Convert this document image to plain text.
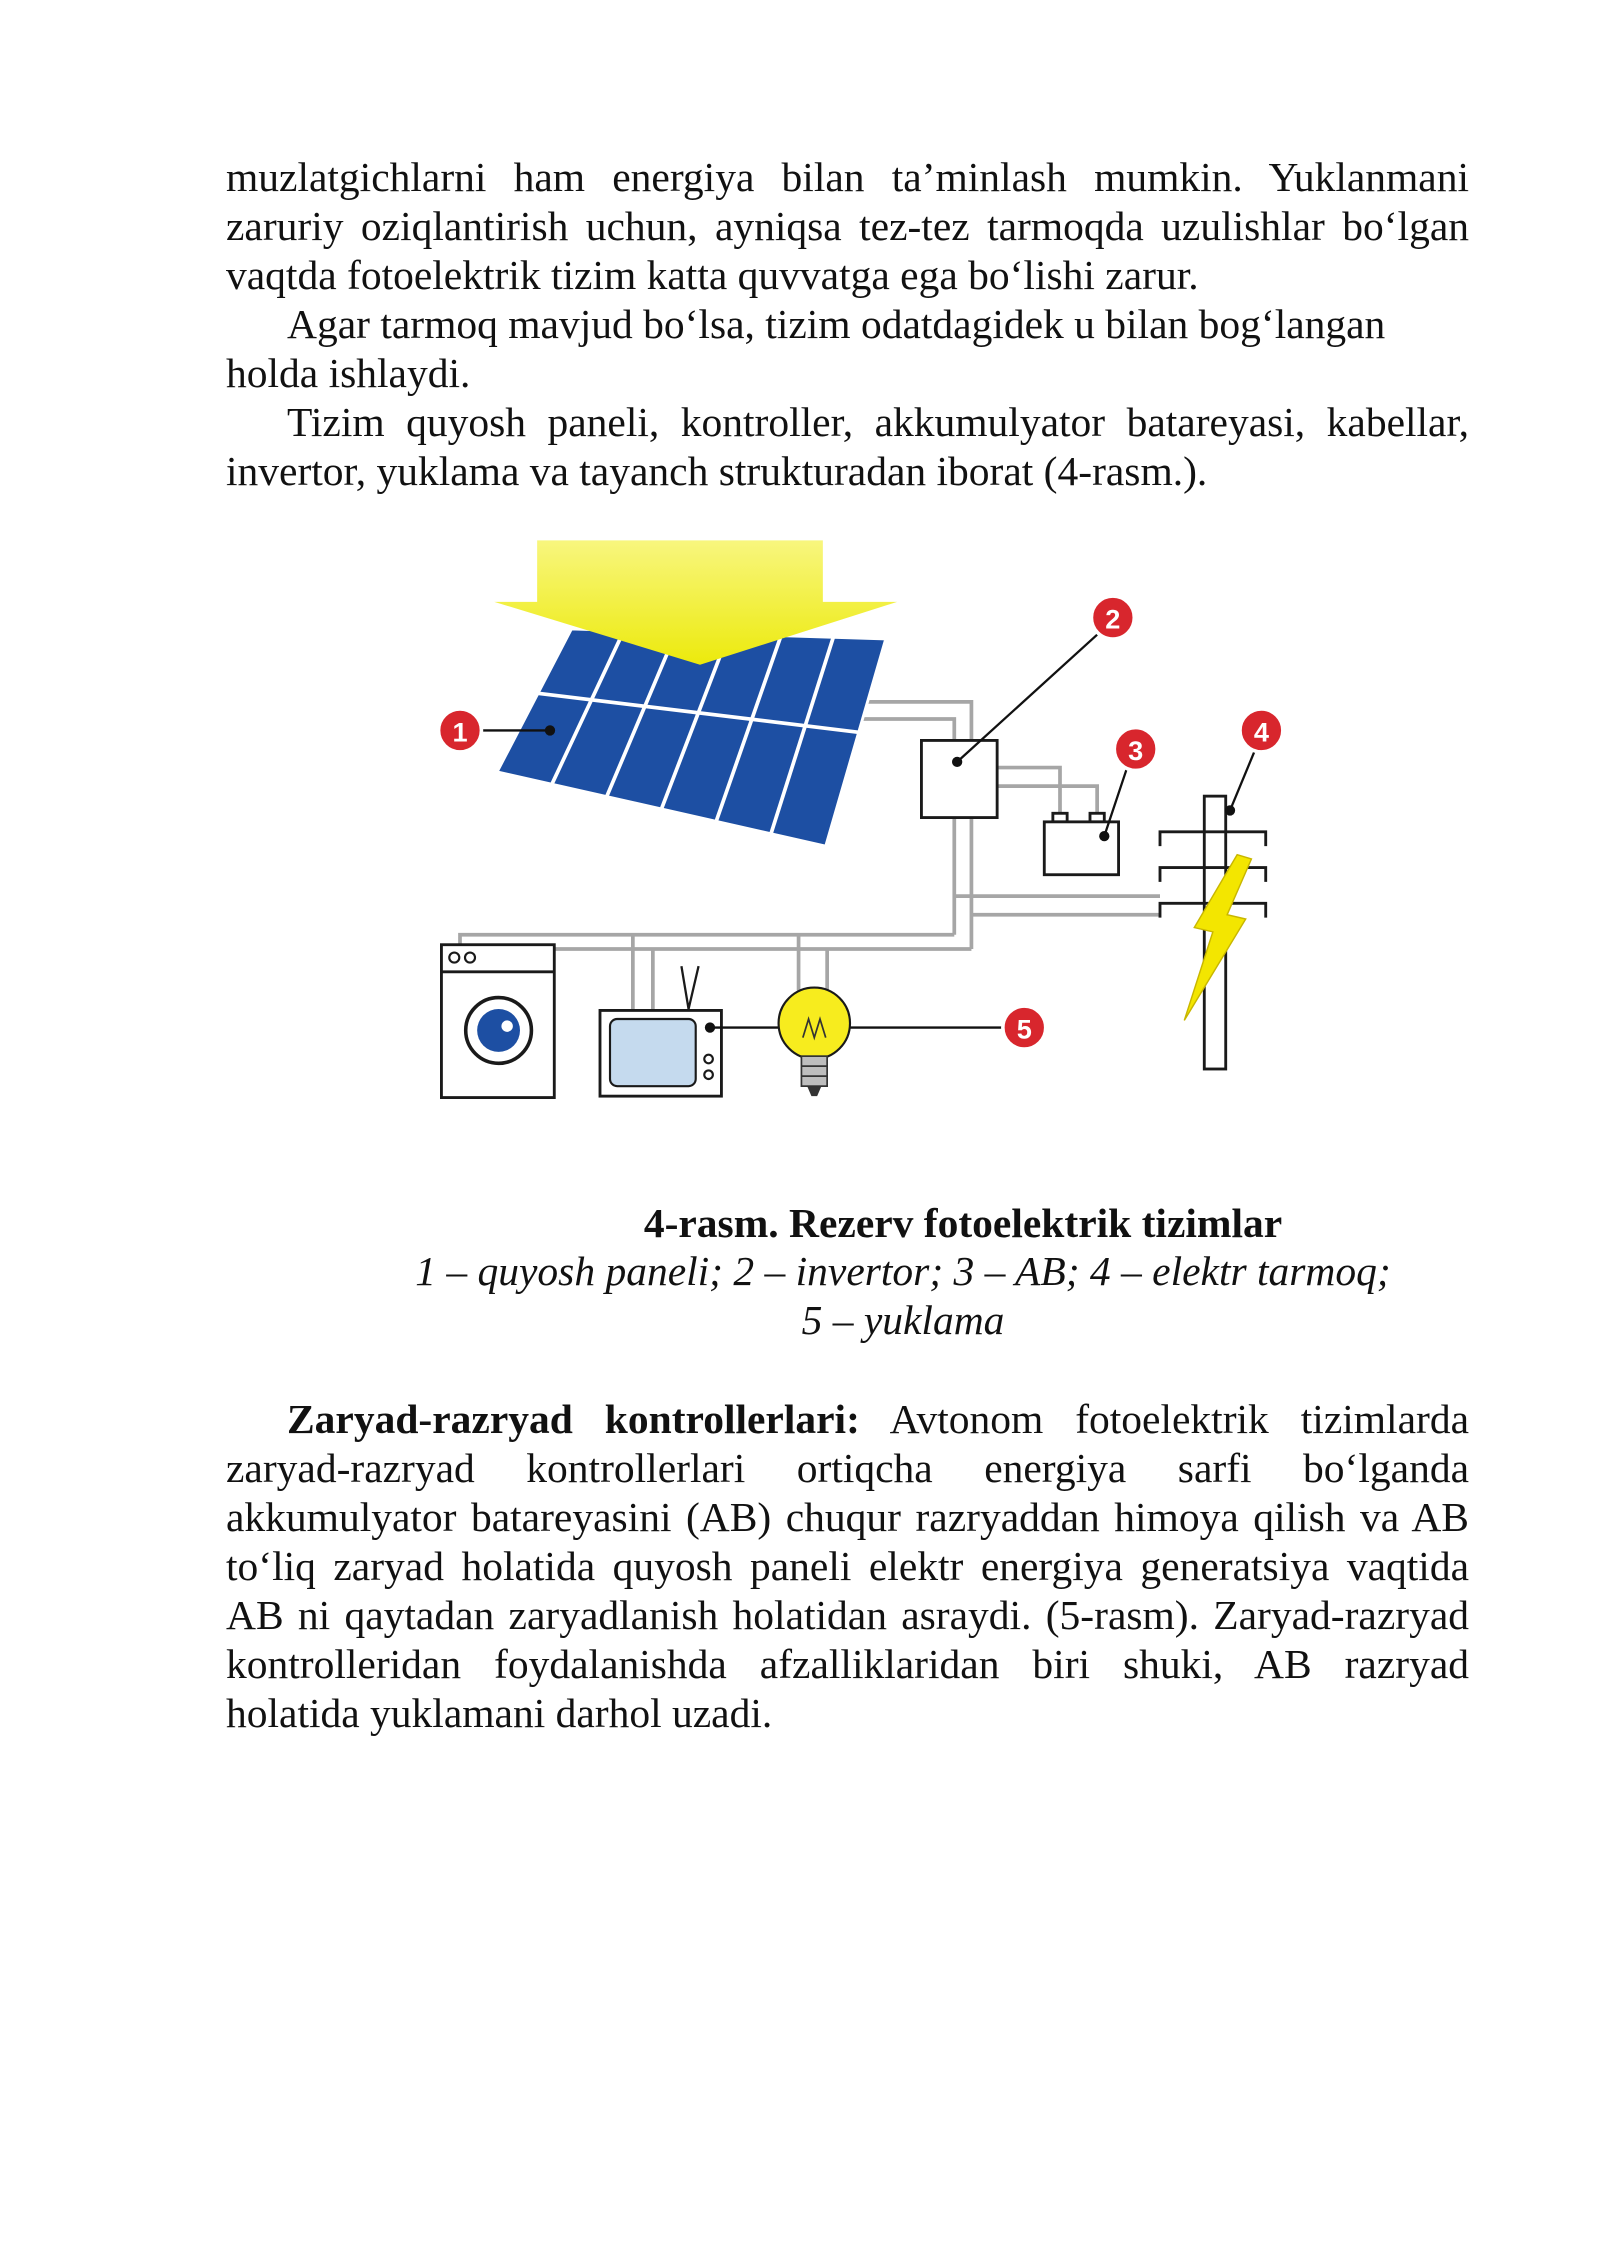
muzlatgichlarni ham energiya bilan ta’minlash mumkin. Yuklanmani
zaruriy oziqlantirish uchun, ayniqsa tez-tez tarmoqda uzulishlar bo‘lgan
vaqtda fotoelektrik tizim katta quvvatga ega bo‘lishi zarur.
Agar tarmoq mavjud bo‘lsa, tizim odatdagidek u bilan bog‘langan
holda ishlaydi.
Tizim quyosh paneli, kontroller, akkumulyator batareyasi, kabellar,
invertor, yuklama va tayanch strukturadan iborat (4-rasm.).
1
2
3
4
5
4-rasm. Rezerv fotoelektrik tizimlar
1 – quyosh paneli; 2 – invertor; 3 – AB; 4 – elektr tarmoq;
5 – yuklama
Zaryad-razryad kontrollerlari: Avtonom fotoelektrik tizimlarda
zaryad-razryad kontrollerlari ortiqcha energiya sarfi bo‘lganda
akkumulyator batareyasini (AB) chuqur razryaddan himoya qilish va AB
to‘liq zaryad holatida quyosh paneli elektr energiya generatsiya vaqtida
AB ni qaytadan zaryadlanish holatidan asraydi. (5-rasm). Zaryad-razryad
kontrolleridan foydalanishda afzalliklaridan biri shuki, AB razryad
holatida yuklamani darhol uzadi.
